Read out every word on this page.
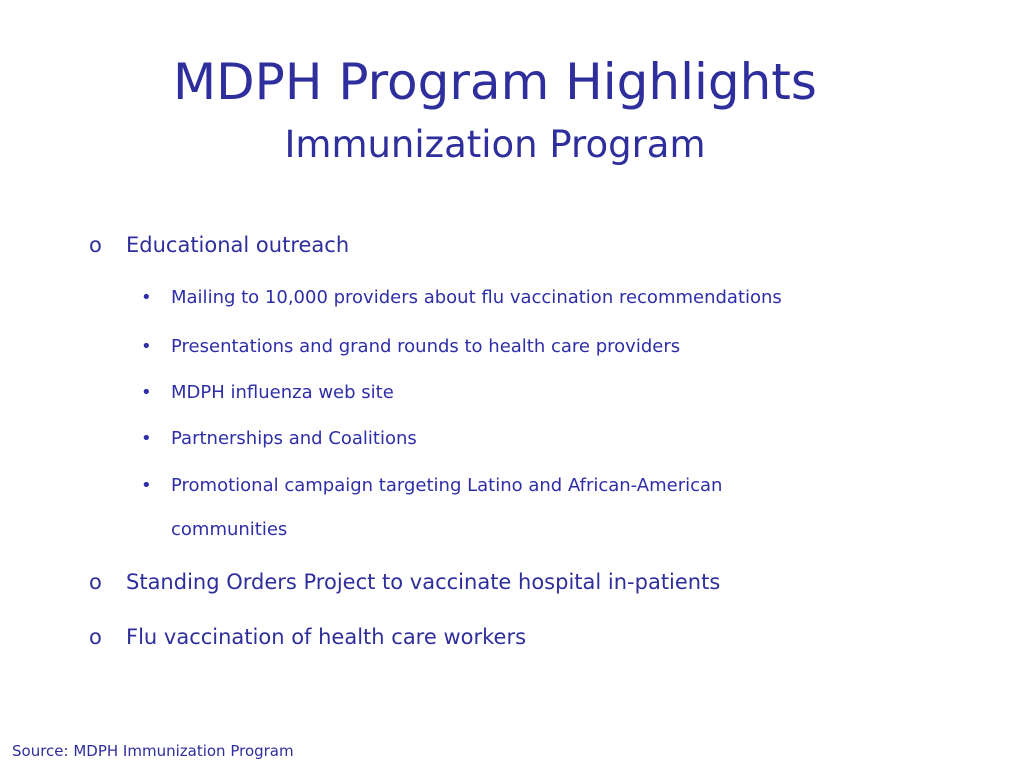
MDPH Program Highlights
Immunization Program
o Educational outreach
• Mailing to 10,000 providers about flu vaccination recommendations
• Presentations and grand rounds to health care providers
• MDPH influenza web site
• Partnerships and Coalitions
• Promotional campaign targeting Latino and African-American
communities
o Standing Orders Project to vaccinate hospital in-patients
o Flu vaccination of health care workers
Source: MDPH Immunization Program
